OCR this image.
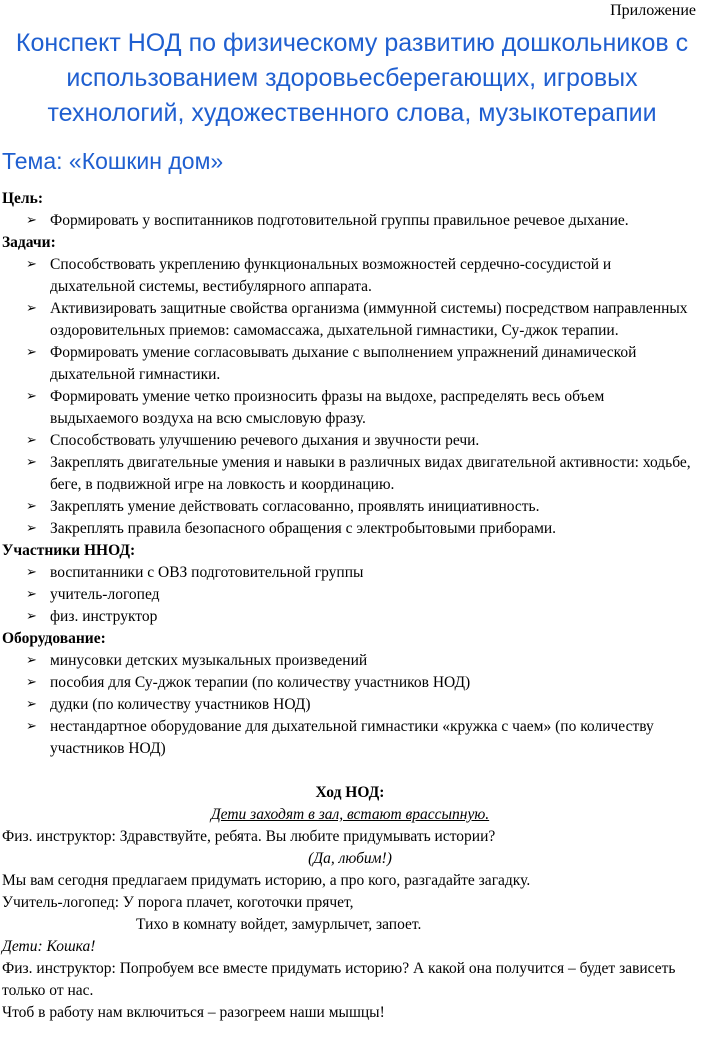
Приложение
Конспект НОД по физическому развитию дошкольников с использованием здоровьесберегающих, игровых технологий, художественного слова, музыкотерапии
Тема: «Кошкин дом»
Цель:
➢ Формировать у воспитанников подготовительной группы правильное речевое дыхание.
Задачи:
➢ Способствовать укреплению функциональных возможностей сердечно-сосудистой и дыхательной системы, вестибулярного аппарата.
➢ Активизировать защитные свойства организма (иммунной системы) посредством направленных оздоровительных приемов: самомассажа, дыхательной гимнастики, Су-джок терапии.
➢ Формировать умение согласовывать дыхание с выполнением упражнений динамической дыхательной гимнастики.
➢ Формировать умение четко произносить фразы на выдохе, распределять весь объем выдыхаемого воздуха на всю смысловую фразу.
➢ Способствовать улучшению речевого дыхания и звучности речи.
➢ Закреплять двигательные умения и навыки в различных видах двигательной активности: ходьбе, беге, в подвижной игре на ловкость и координацию.
➢ Закреплять умение действовать согласованно, проявлять инициативность.
➢ Закреплять правила безопасного обращения с электробытовыми приборами.
Участники ННОД:
➢ воспитанники с ОВЗ подготовительной группы
➢ учитель-логопед
➢ физ. инструктор
Оборудование:
➢ минусовки детских музыкальных произведений
➢ пособия для Су-джок терапии (по количеству участников НОД)
➢ дудки (по количеству участников НОД)
➢ нестандартное оборудование для дыхательной гимнастики «кружка с чаем» (по количеству участников НОД)
Ход НОД:
Дети заходят в зал, встают врассыпную.
Физ. инструктор: Здравствуйте, ребята. Вы любите придумывать истории?
(Да, любим!)
Мы вам сегодня предлагаем придумать историю, а про кого, разгадайте загадку.
Учитель-логопед: У порога плачет, коготочки прячет,
Тихо в комнату войдет, замурлычет, запоет.
Дети: Кошка!
Физ. инструктор: Попробуем все вместе придумать историю? А какой она получится – будет зависеть только от нас.
Чтоб в работу нам включиться – разогреем наши мышцы!
